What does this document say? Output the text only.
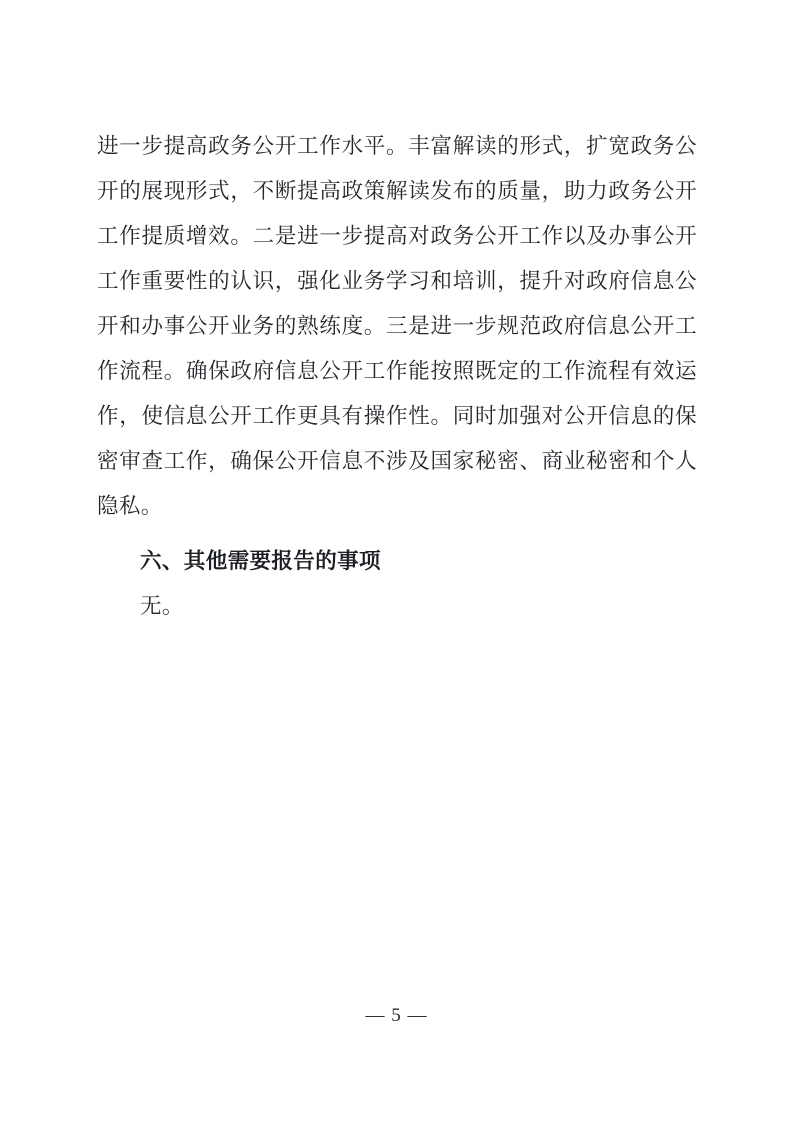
进一步提高政务公开工作水平。丰富解读的形式，扩宽政务公开的展现形式，不断提高政策解读发布的质量，助力政务公开工作提质增效。二是进一步提高对政务公开工作以及办事公开工作重要性的认识，强化业务学习和培训，提升对政府信息公开和办事公开业务的熟练度。三是进一步规范政府信息公开工作流程。确保政府信息公开工作能按照既定的工作流程有效运作，使信息公开工作更具有操作性。同时加强对公开信息的保密审查工作，确保公开信息不涉及国家秘密、商业秘密和个人隐私。

六、其他需要报告的事项

无。

— 5 —
